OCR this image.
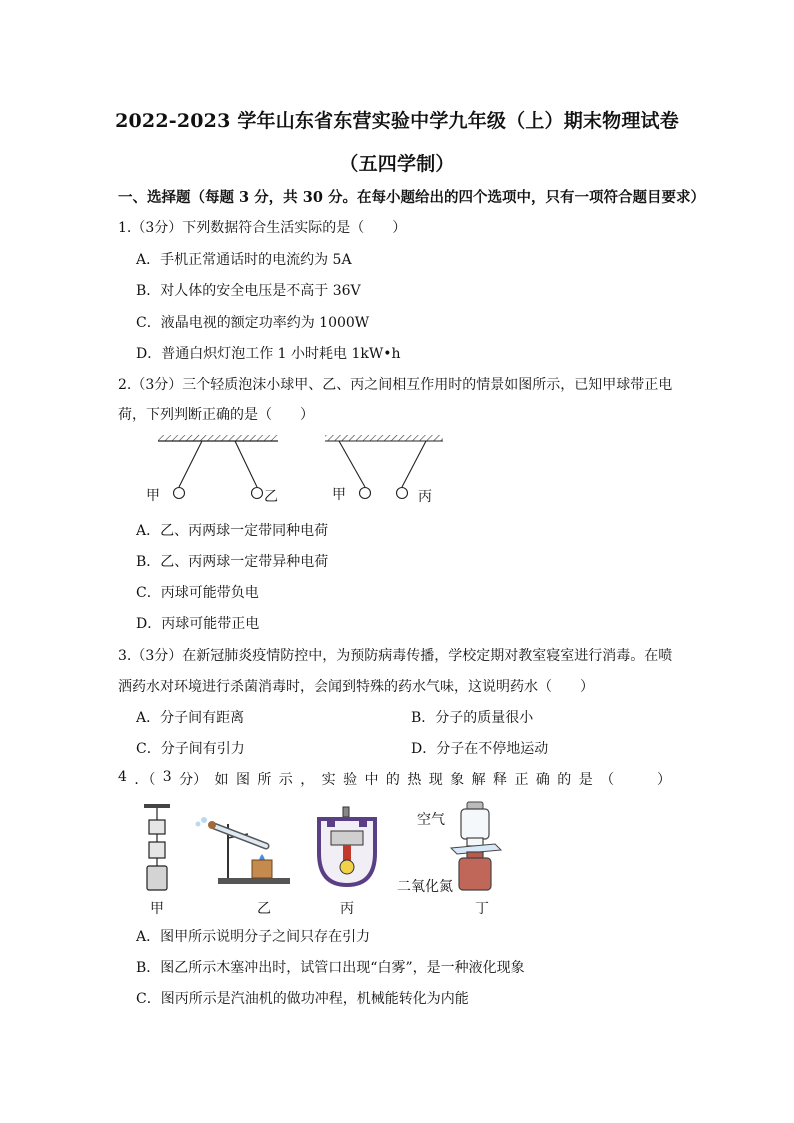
2022-2023 学年山东省东营实验中学九年级（上）期末物理试卷
（五四学制）
一、选择题（每题 3 分，共 30 分。在每小题给出的四个选项中，只有一项符合题目要求）
1.（3分）下列数据符合生活实际的是（　　）
A．手机正常通话时的电流约为 5A
B．对人体的安全电压是不高于 36V
C．液晶电视的额定功率约为 1000W
D．普通白炽灯泡工作 1 小时耗电 1kW•h
2.（3分）三个轻质泡沫小球甲、乙、丙之间相互作用时的情景如图所示，已知甲球带正电
荷，下列判断正确的是（　　）
甲	乙	甲	丙
A．乙、丙两球一定带同种电荷
B．乙、丙两球一定带异种电荷
C．丙球可能带负电
D．丙球可能带正电
3.（3分）在新冠肺炎疫情防控中，为预防病毒传播，学校定期对教室寝室进行消毒。在喷
洒药水对环境进行杀菌消毒时，会闻到特殊的药水气味，这说明药水（　　）
A．分子间有距离	B．分子的质量很小
C．分子间有引力	D．分子在不停地运动
4 ．（ 3 分） 如 图 所 示 ， 实 验 中 的 热 现 象 解 释 正 确 的 是 （
　　	）
空气
二氧化氮
甲	乙	丙	丁
A．图甲所示说明分子之间只存在引力
B．图乙所示木塞冲出时，试管口出现“白雾”，是一种液化现象
C．图丙所示是汽油机的做功冲程，机械能转化为内能
